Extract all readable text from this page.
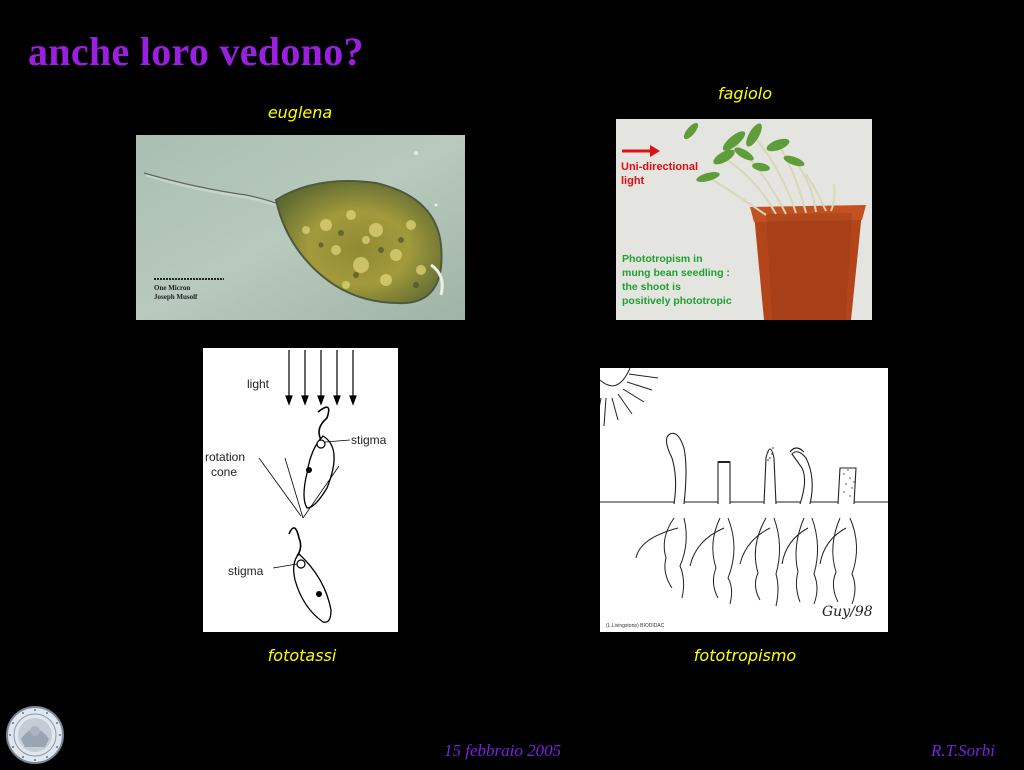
anche loro vedono?
euglena
One Micron
Joseph Musolf
fagiolo
Uni-directional
light
Phototropism in
mung bean seedling :
the shoot is
positively phototropic
light
stigma
rotation
cone
stigma
Guy/98
(L.Livingstone) BIODIDAC
fototassi	fototropismo
15 febbraio 2005	R.T.Sorbi
